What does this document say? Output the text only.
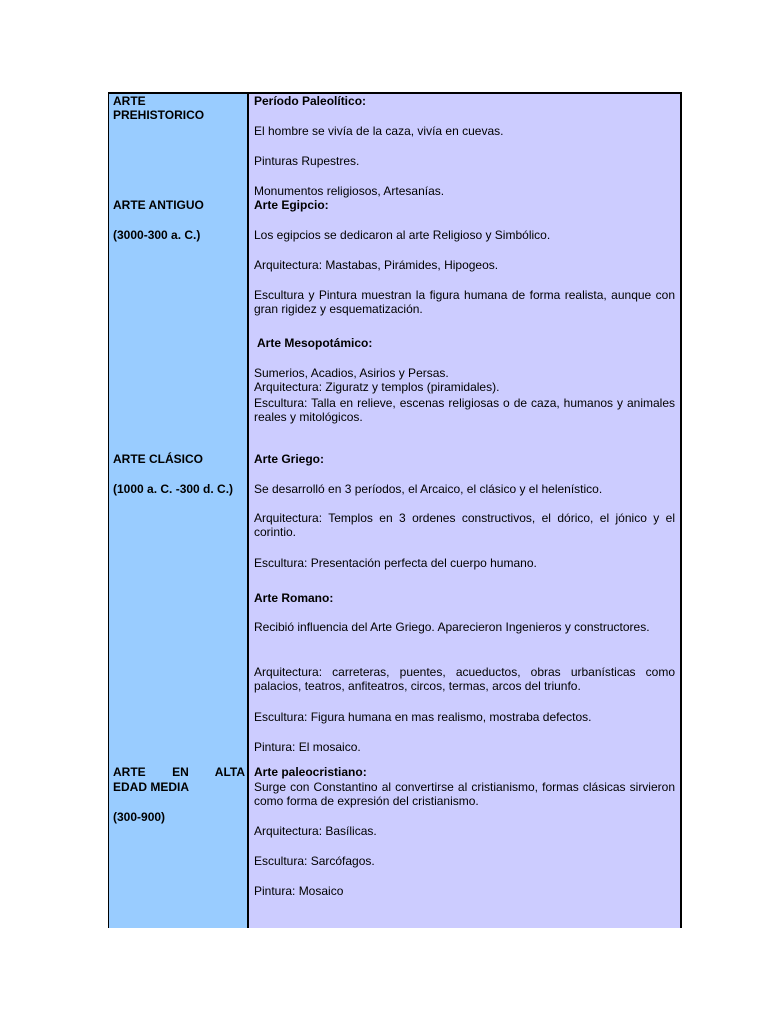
ARTE PREHISTORICO
ARTE ANTIGUO
(3000-300 a. C.)
ARTE CLÁSICO
(1000 a. C. -300 d. C.)
ARTE EN ALTA
EDAD MEDIA
(300-900)
Período Paleolítico:
El hombre se vivía de la caza, vivía en cuevas.
Pinturas Rupestres.
Monumentos religiosos, Artesanías.
Arte Egipcio:
Los egipcios se dedicaron al arte Religioso y Simbólico.
Arquitectura: Mastabas, Pirámides, Hipogeos.
Escultura y Pintura muestran la figura humana de forma realista, aunque con gran rigidez y esquematización.
Arte Mesopotámico:
Sumerios, Acadios, Asirios y Persas.
Arquitectura: Ziguratz y templos (piramidales).
Escultura: Talla en relieve, escenas religiosas o de caza, humanos y animales reales y mitológicos.
Arte Griego:
Se desarrolló en 3 períodos, el Arcaico, el clásico y el helenístico.
Arquitectura: Templos en 3 ordenes constructivos, el dórico, el jónico y el corintio.
Escultura: Presentación perfecta del cuerpo humano.
Arte Romano:
Recibió influencia del Arte Griego. Aparecieron Ingenieros y constructores.
Arquitectura: carreteras, puentes, acueductos, obras urbanísticas como palacios, teatros, anfiteatros, circos, termas, arcos del triunfo.
Escultura: Figura humana en mas realismo, mostraba defectos.
Pintura: El mosaico.
Arte paleocristiano:
Surge con Constantino al convertirse al cristianismo, formas clásicas sirvieron como forma de expresión del cristianismo.
Arquitectura: Basílicas.
Escultura: Sarcófagos.
Pintura: Mosaico
